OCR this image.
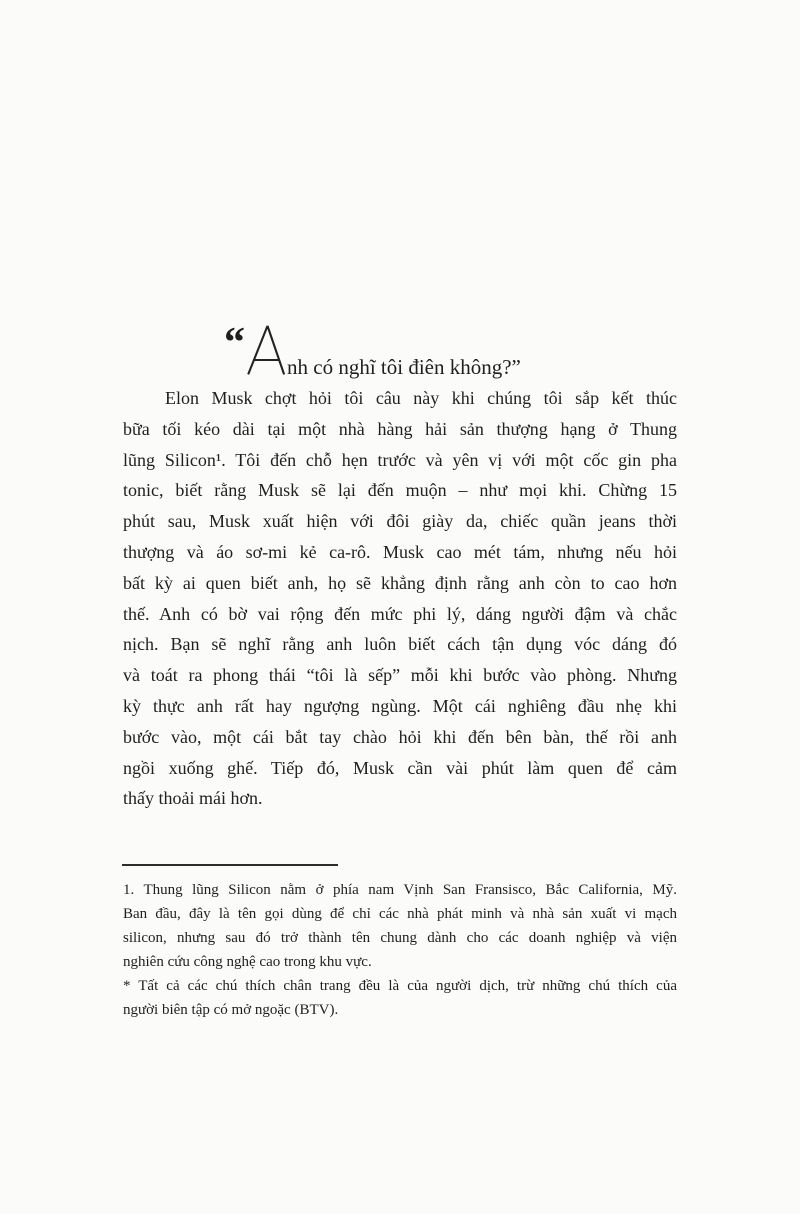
“
nh có nghĩ tôi điên không?”
Elon Musk chợt hỏi tôi câu này khi chúng tôi sắp kết thúc
bữa tối kéo dài tại một nhà hàng hải sản thượng hạng ở Thung
lũng Silicon¹. Tôi đến chỗ hẹn trước và yên vị với một cốc gin pha
tonic, biết rằng Musk sẽ lại đến muộn – như mọi khi. Chừng 15
phút sau, Musk xuất hiện với đôi giày da, chiếc quần jeans thời
thượng và áo sơ-mi kẻ ca-rô. Musk cao mét tám, nhưng nếu hỏi
bất kỳ ai quen biết anh, họ sẽ khẳng định rằng anh còn to cao hơn
thế. Anh có bờ vai rộng đến mức phi lý, dáng người đậm và chắc
nịch. Bạn sẽ nghĩ rằng anh luôn biết cách tận dụng vóc dáng đó
và toát ra phong thái “tôi là sếp” mỗi khi bước vào phòng. Nhưng
kỳ thực anh rất hay ngượng ngùng. Một cái nghiêng đầu nhẹ khi
bước vào, một cái bắt tay chào hỏi khi đến bên bàn, thế rồi anh
ngồi xuống ghế. Tiếp đó, Musk cần vài phút làm quen để cảm
thấy thoải mái hơn.
1. Thung lũng Silicon nằm ở phía nam Vịnh San Fransisco, Bắc California, Mỹ.
Ban đầu, đây là tên gọi dùng để chỉ các nhà phát minh và nhà sản xuất vi mạch
silicon, nhưng sau đó trở thành tên chung dành cho các doanh nghiệp và viện
nghiên cứu công nghệ cao trong khu vực.
* Tất cả các chú thích chân trang đều là của người dịch, trừ những chú thích của
người biên tập có mở ngoặc (BTV).
